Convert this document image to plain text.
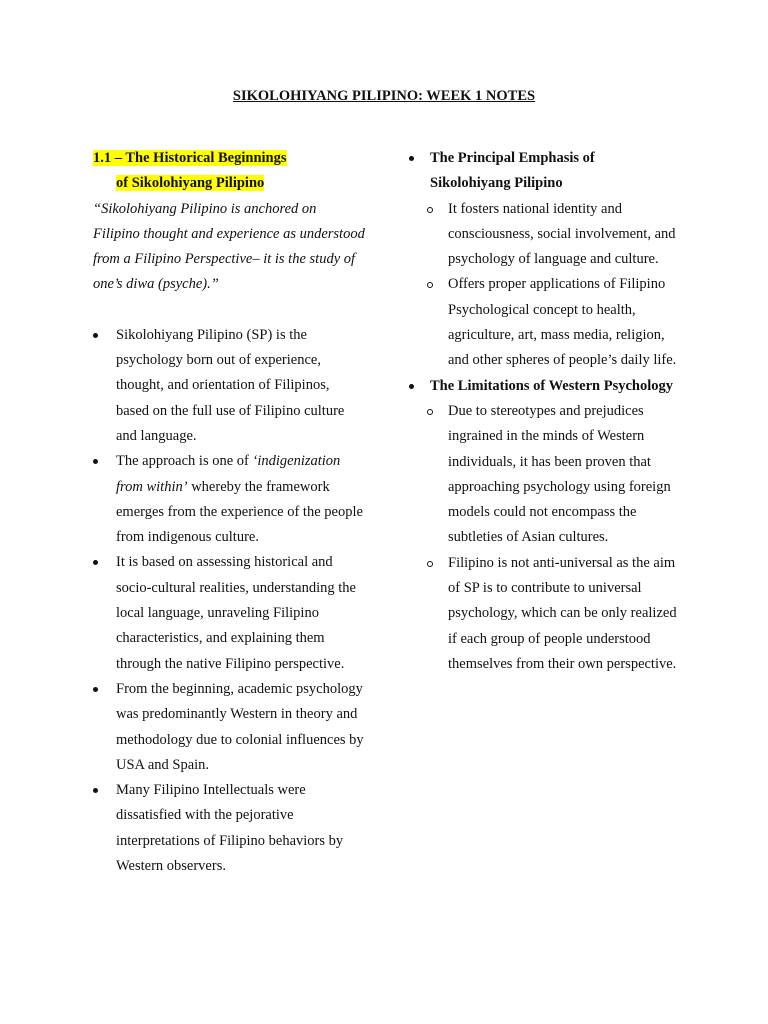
SIKOLOHIYANG PILIPINO: WEEK 1 NOTES
1.1 – The Historical Beginnings
of Sikolohiyang Pilipino

“Sikolohiyang Pilipino is anchored on Filipino thought and experience as understood from a Filipino Perspective– it is the study of one’s diwa (psyche).”

Sikolohiyang Pilipino (SP) is the psychology born out of experience, thought, and orientation of Filipinos, based on the full use of Filipino culture and language.
The approach is one of ‘indigenization from within’ whereby the framework emerges from the experience of the people from indigenous culture.
It is based on assessing historical and socio-cultural realities, understanding the local language, unraveling Filipino characteristics, and explaining them through the native Filipino perspective.
From the beginning, academic psychology was predominantly Western in theory and methodology due to colonial influences by USA and Spain.
Many Filipino Intellectuals were dissatisfied with the pejorative interpretations of Filipino behaviors by Western observers.
The Principal Emphasis of Sikolohiyang Pilipino
It fosters national identity and consciousness, social involvement, and psychology of language and culture.
Offers proper applications of Filipino Psychological concept to health, agriculture, art, mass media, religion, and other spheres of people’s daily life.
The Limitations of Western Psychology
Due to stereotypes and prejudices ingrained in the minds of Western individuals, it has been proven that approaching psychology using foreign models could not encompass the subtleties of Asian cultures.
Filipino is not anti-universal as the aim of SP is to contribute to universal psychology, which can be only realized if each group of people understood themselves from their own perspective.
